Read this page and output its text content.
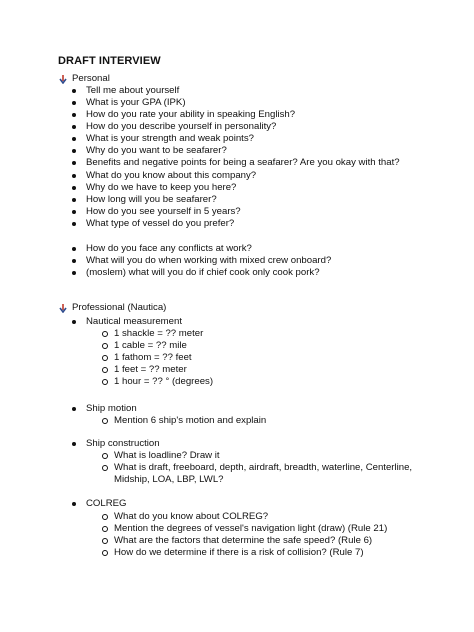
DRAFT INTERVIEW
Personal
Tell me about yourself
What is your GPA (IPK)
How do you rate your ability in speaking English?
How do you describe yourself in personality?
What is your strength and weak points?
Why do you want to be seafarer?
Benefits and negative points for being a seafarer? Are you okay with that?
What do you know about this company?
Why do we have to keep you here?
How long will you be seafarer?
How do you see yourself in 5 years?
What type of vessel do you prefer?
How do you face any conflicts at work?
What will you do when working with mixed crew onboard?
(moslem) what will you do if chief cook only cook pork?
Professional (Nautica)
Nautical measurement
1 shackle = ?? meter
1 cable = ?? mile
1 fathom = ?? feet
1 feet = ?? meter
1 hour = ?? ° (degrees)
Ship motion
Mention 6 ship's motion and explain
Ship construction
What is loadline? Draw it
What is draft, freeboard, depth, airdraft, breadth, waterline, Centerline,
Midship, LOA, LBP, LWL?
COLREG
What do you know about COLREG?
Mention the degrees of vessel's navigation light (draw) (Rule 21)
What are the factors that determine the safe speed? (Rule 6)
How do we determine if there is a risk of collision? (Rule 7)
